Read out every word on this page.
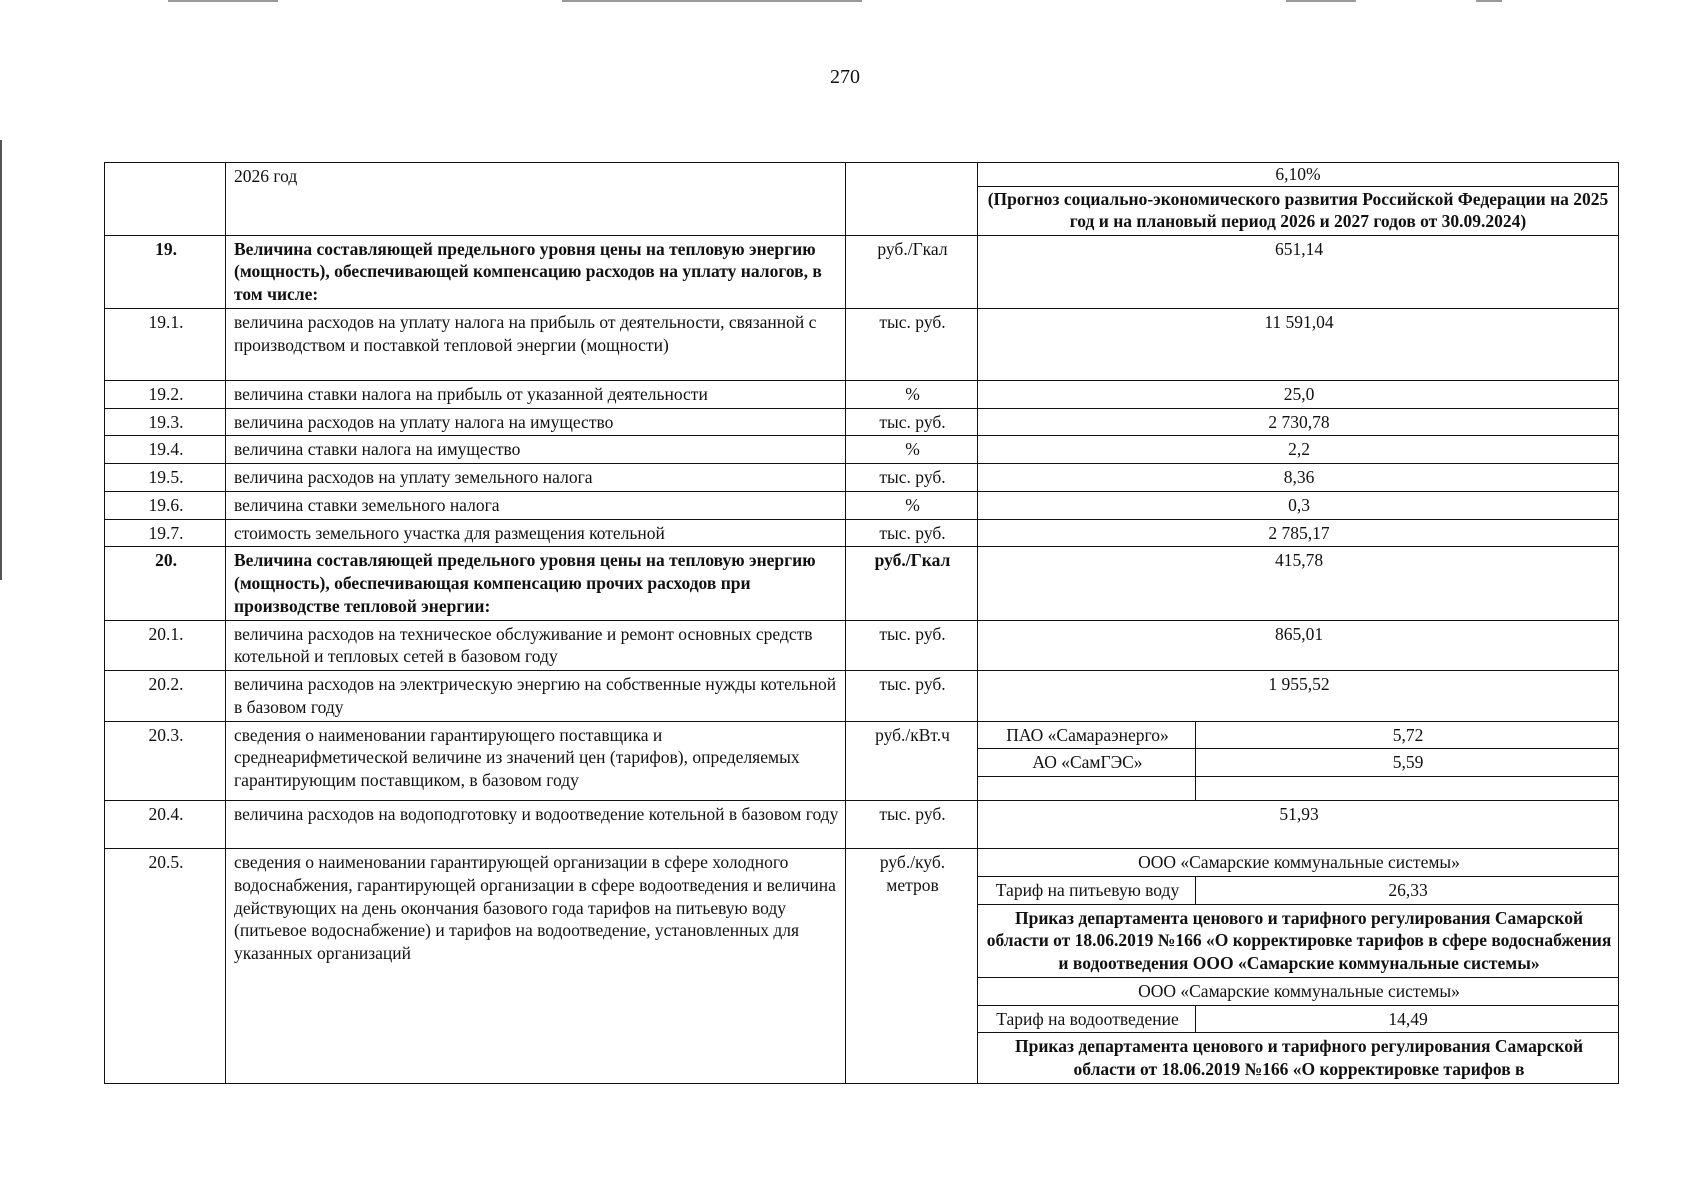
270
	2026 год		6,10%	
			(Прогноз социально-экономического развития Российской Федерации на 2025 год и на плановый период 2026 и 2027 годов от 30.09.2024)	
19.	Величина составляющей предельного уровня цены на тепловую энергию (мощность), обеспечивающей компенсацию расходов на уплату налогов, в том числе:	руб./Гкал	651,14	
19.1.	величина расходов на уплату налога на прибыль от деятельности, связанной с производством и поставкой тепловой энергии (мощности)	тыс. руб.	11 591,04	
19.2.	величина ставки налога на прибыль от указанной деятельности	%	25,0	
19.3.	величина расходов на уплату налога на имущество	тыс. руб.	2 730,78	
19.4.	величина ставки налога на имущество	%	2,2	
19.5.	величина расходов на уплату земельного налога	тыс. руб.	8,36	
19.6.	величина ставки земельного налога	%	0,3	
19.7.	стоимость земельного участка для размещения котельной	тыс. руб.	2 785,17	
20.	Величина составляющей предельного уровня цены на тепловую энергию (мощность), обеспечивающая компенсацию прочих расходов при производстве тепловой энергии:	руб./Гкал	415,78	
20.1.	величина расходов на техническое обслуживание и ремонт основных средств котельной и тепловых сетей в базовом году	тыс. руб.	865,01	
20.2.	величина расходов на электрическую энергию на собственные нужды котельной в базовом году	тыс. руб.	1 955,52	
20.3.	сведения о наименовании гарантирующего поставщика и среднеарифметической величине из значений цен (тарифов), определяемых гарантирующим поставщиком, в базовом году	руб./кВт.ч	ПАО «Самараэнерго»	5,72
			АО «СамГЭС»	5,59

20.4.	величина расходов на водоподготовку и водоотведение котельной в базовом году	тыс. руб.	51,93	
20.5.	сведения о наименовании гарантирующей организации в сфере холодного водоснабжения, гарантирующей организации в сфере водоотведения и величина действующих на день окончания базового года тарифов на питьевую воду (питьевое водоснабжение) и тарифов на водоотведение, установленных для указанных организаций	руб./куб. метров	ООО «Самарские коммунальные системы»	
			Тариф на питьевую воду	26,33
			Приказ департамента ценового и тарифного регулирования Самарской области от 18.06.2019 №166 «О корректировке тарифов в сфере водоснабжения и водоотведения ООО «Самарские коммунальные системы»	
			ООО «Самарские коммунальные системы»	
			Тариф на водоотведение	14,49
			Приказ департамента ценового и тарифного регулирования Самарской области от 18.06.2019 №166 «О корректировке тарифов в	
